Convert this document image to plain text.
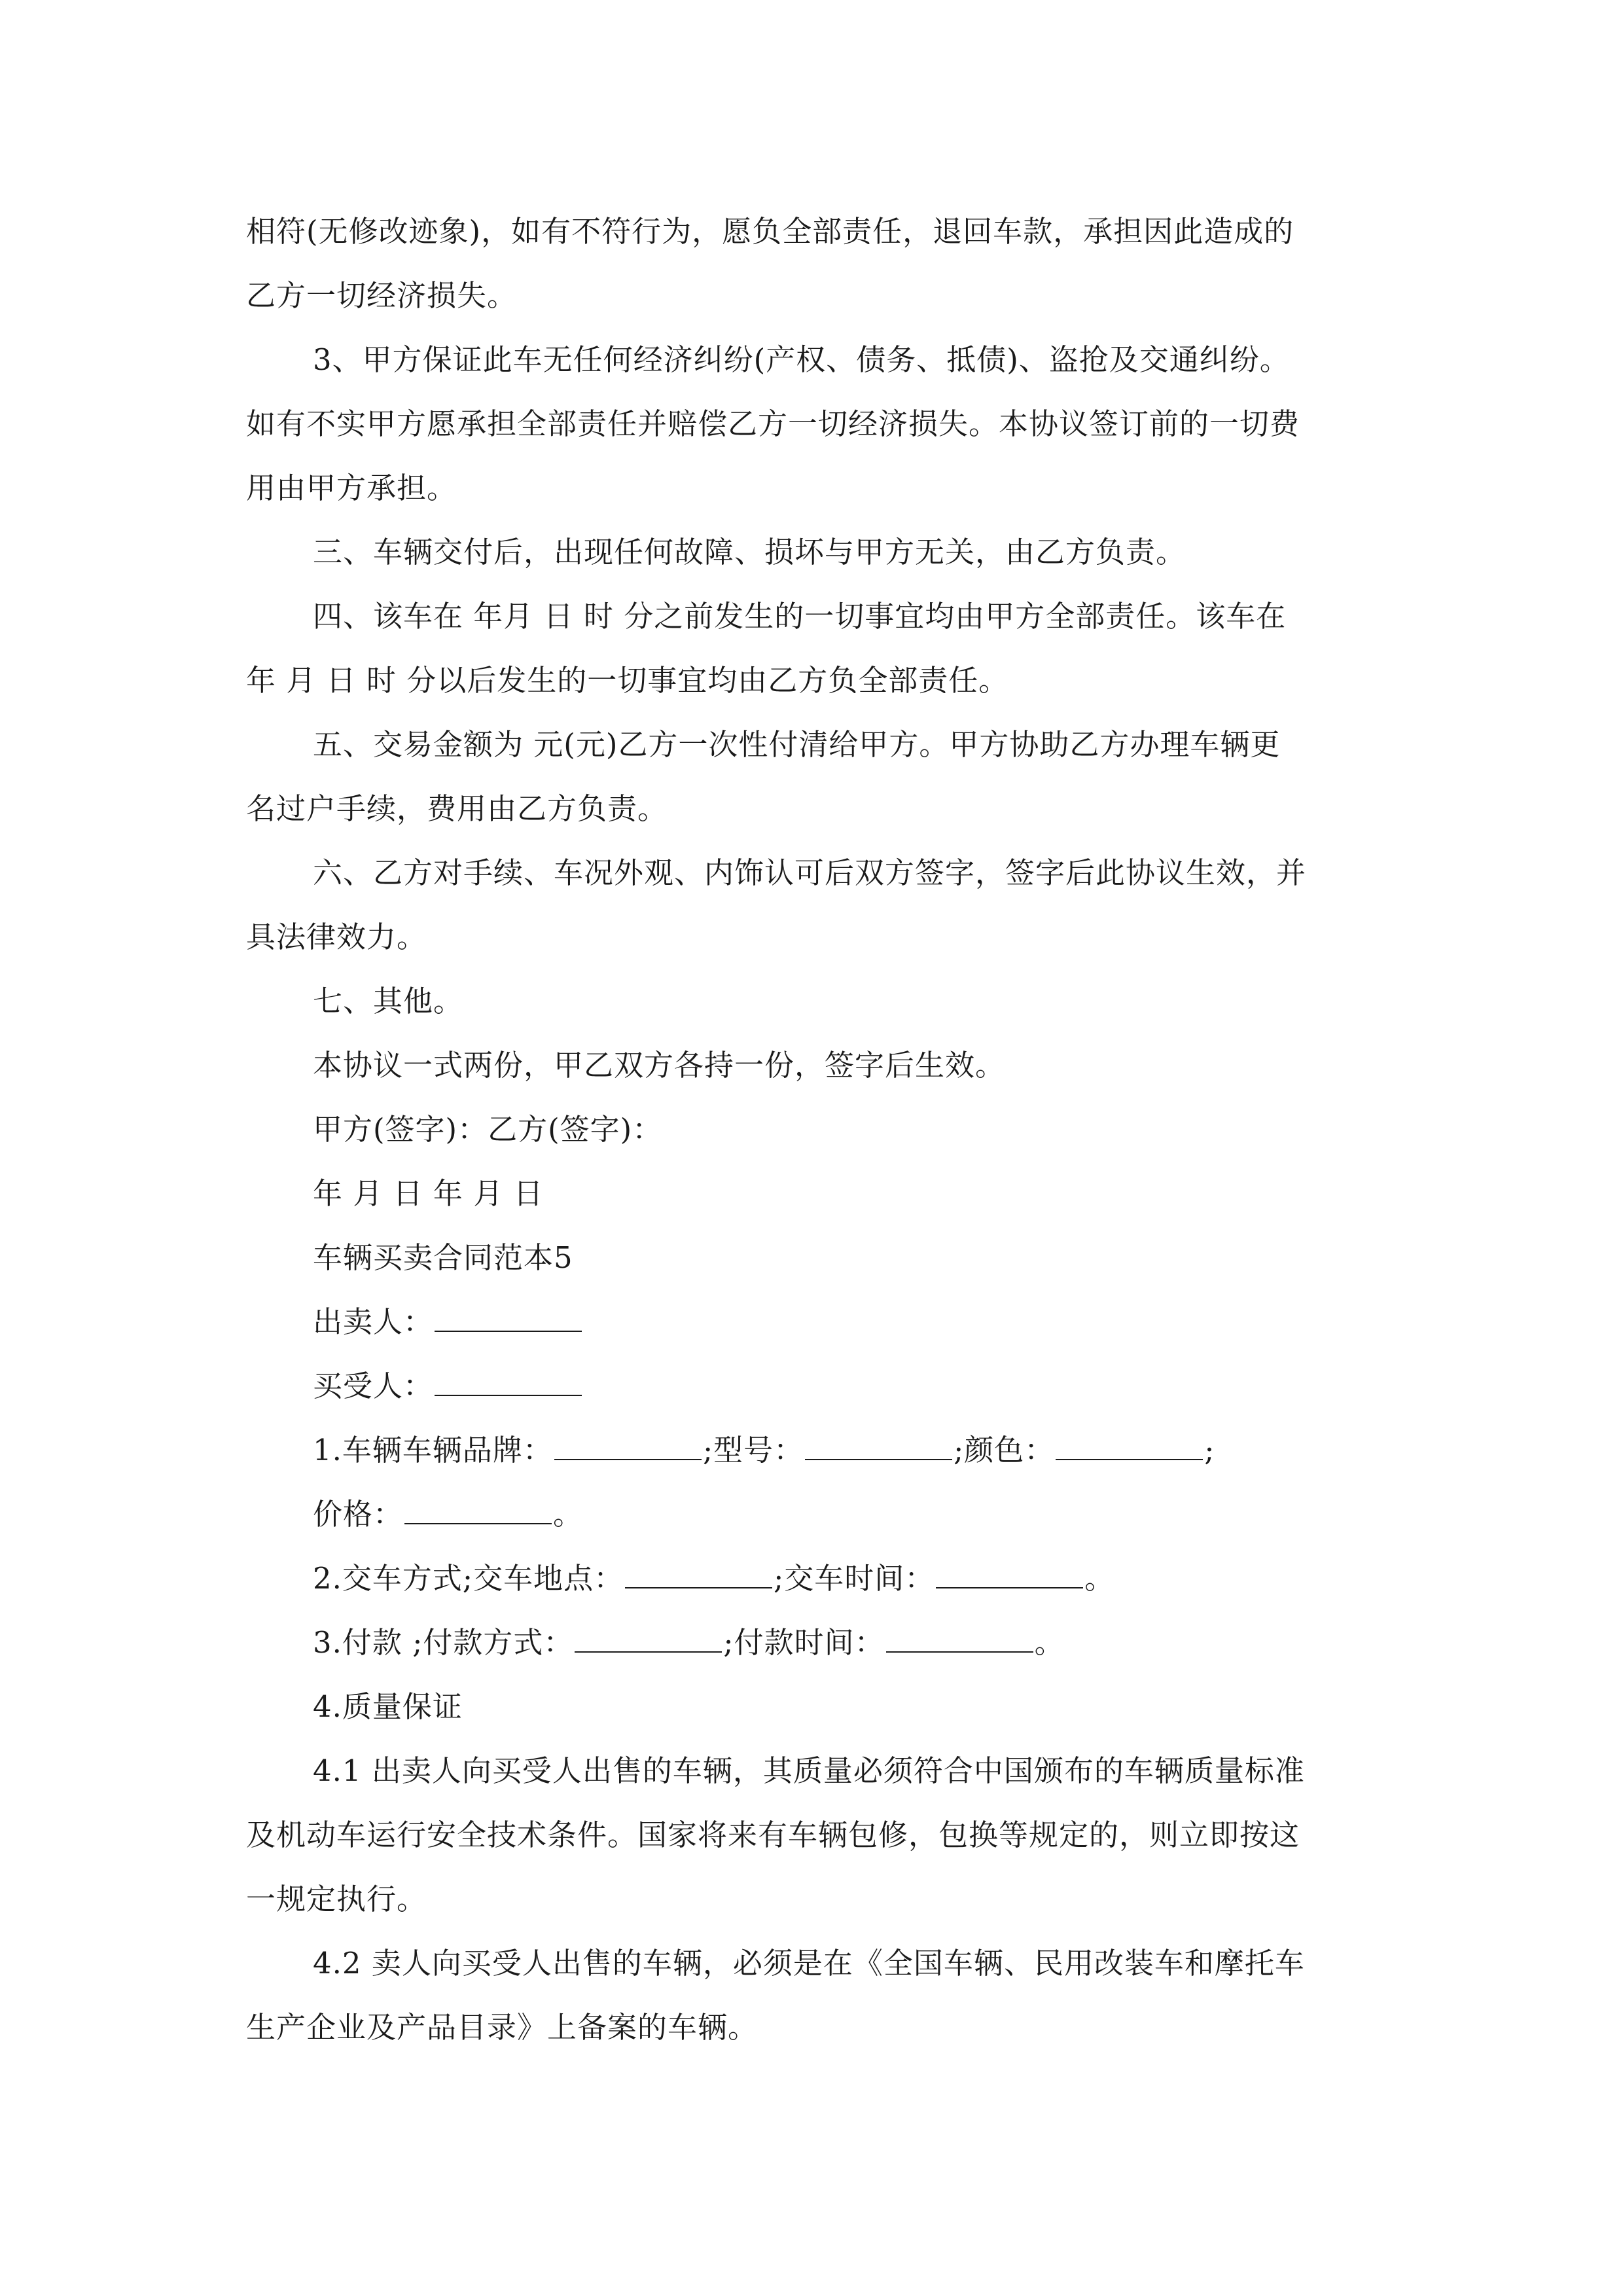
相符(无修改迹象)，如有不符行为，愿负全部责任，退回车款，承担因此造成的
乙方一切经济损失。
3、甲方保证此车无任何经济纠纷(产权、债务、抵债)、盗抢及交通纠纷。
如有不实甲方愿承担全部责任并赔偿乙方一切经济损失。本协议签订前的一切费
用由甲方承担。
三、车辆交付后，出现任何故障、损坏与甲方无关，由乙方负责。
四、该车在 年月 日 时 分之前发生的一切事宜均由甲方全部责任。该车在
年 月 日 时 分以后发生的一切事宜均由乙方负全部责任。
五、交易金额为 元(元)乙方一次性付清给甲方。甲方协助乙方办理车辆更
名过户手续，费用由乙方负责。
六、乙方对手续、车况外观、内饰认可后双方签字，签字后此协议生效，并
具法律效力。
七、其他。
本协议一式两份，甲乙双方各持一份，签字后生效。
甲方(签字)：乙方(签字)：
年 月 日 年 月 日
车辆买卖合同范本5
出卖人：
买受人：
1.车辆车辆品牌：	;型号：	;颜色：	;
价格：	。
2.交车方式;交车地点：	;交车时间：	。
3.付款 ;付款方式：	;付款时间：	。
4.质量保证
4.1 出卖人向买受人出售的车辆，其质量必须符合中国颁布的车辆质量标准
及机动车运行安全技术条件。国家将来有车辆包修，包换等规定的，则立即按这
一规定执行。
4.2 卖人向买受人出售的车辆，必须是在《全国车辆、民用改装车和摩托车
生产企业及产品目录》上备案的车辆。
